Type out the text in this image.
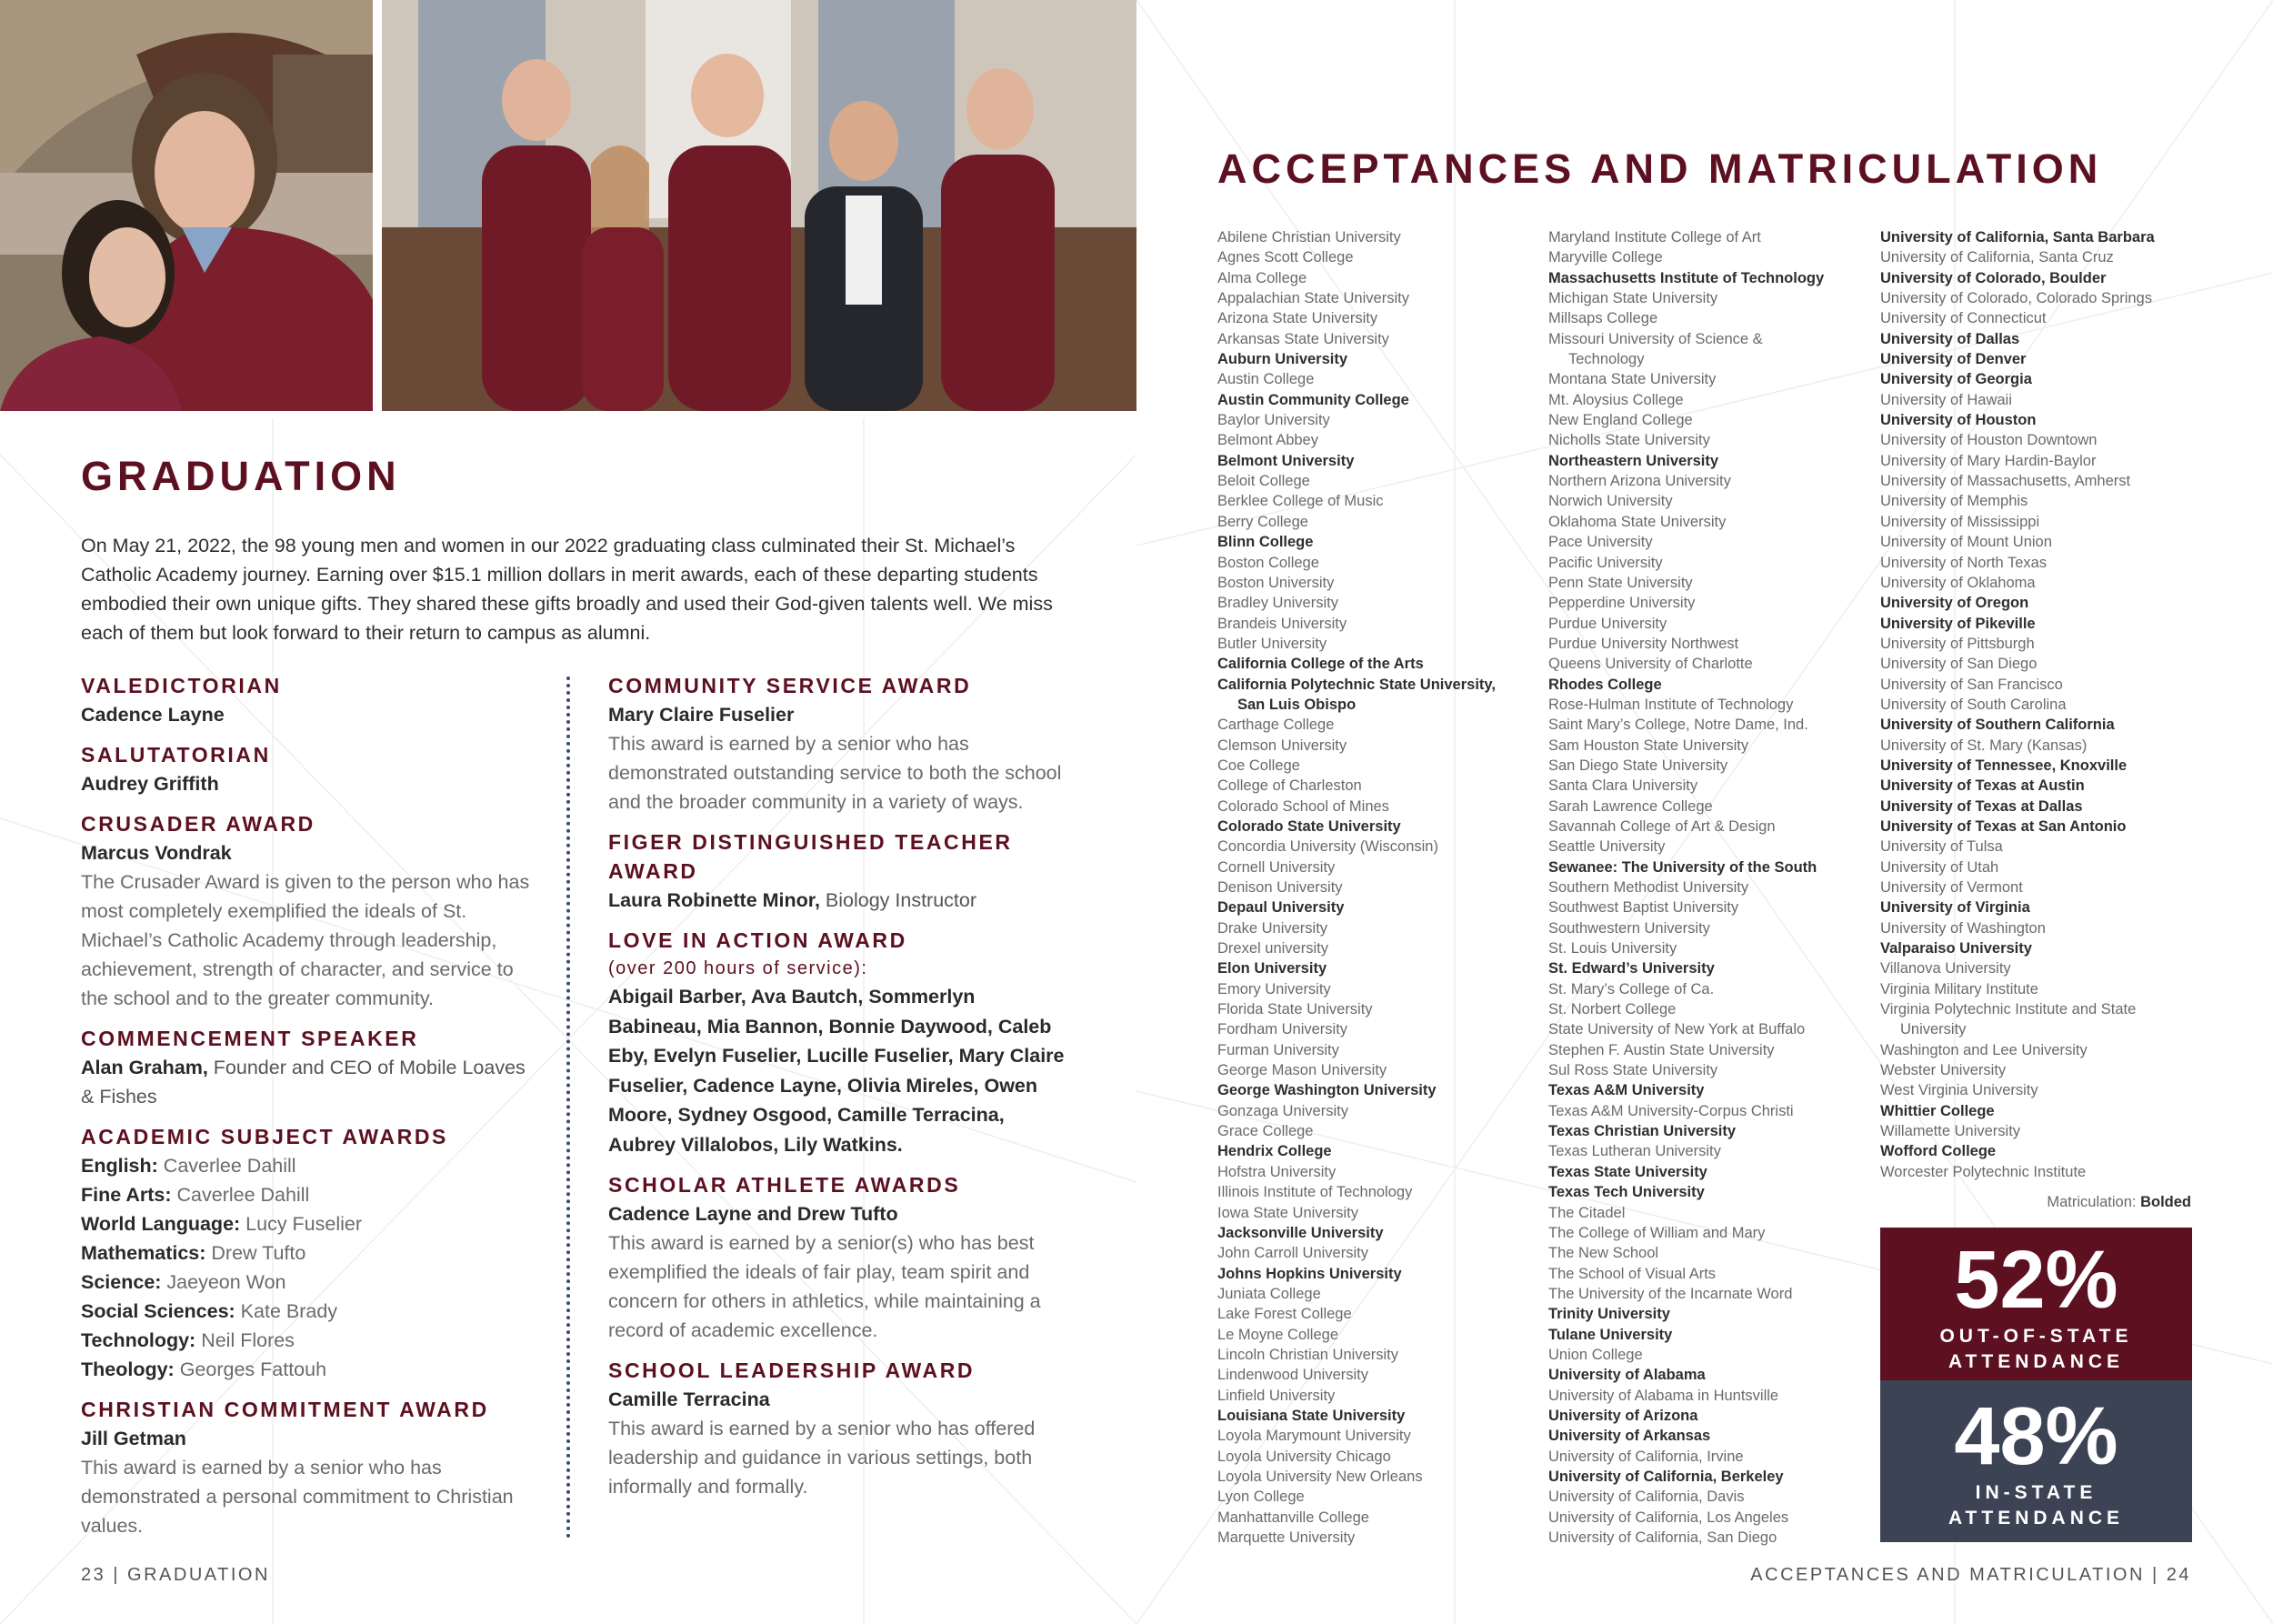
GRADUATION
On May 21, 2022, the 98 young men and women in our 2022 graduating class culminated their St. Michael’s Catholic Academy journey. Earning over $15.1 million dollars in merit awards, each of these departing students embodied their own unique gifts. They shared these gifts broadly and used their God-given talents well. We miss each of them but look forward to their return to campus as alumni.
VALEDICTORIAN
Cadence Layne
SALUTATORIAN
Audrey Griffith
CRUSADER AWARD
Marcus Vondrak
The Crusader Award is given to the person who has most completely exemplified the ideals of St. Michael’s Catholic Academy through leadership, achievement, strength of character, and service to the school and to the greater community.
COMMENCEMENT SPEAKER
Alan Graham, Founder and CEO of Mobile Loaves & Fishes
ACADEMIC SUBJECT AWARDS
English: Caverlee Dahill
Fine Arts: Caverlee Dahill
World Language: Lucy Fuselier
Mathematics: Drew Tufto
Science: Jaeyeon Won
Social Sciences: Kate Brady
Technology: Neil Flores
Theology: Georges Fattouh
CHRISTIAN COMMITMENT AWARD
Jill Getman
This award is earned by a senior who has demonstrated a personal commitment to Christian values.
COMMUNITY SERVICE AWARD
Mary Claire Fuselier
This award is earned by a senior who has demonstrated outstanding service to both the school and the broader community in a variety of ways.
FIGER DISTINGUISHED TEACHER AWARD
Laura Robinette Minor, Biology Instructor
LOVE IN ACTION AWARD
(over 200 hours of service):
Abigail Barber, Ava Bautch, Sommerlyn Babineau, Mia Bannon, Bonnie Daywood, Caleb Eby, Evelyn Fuselier, Lucille Fuselier, Mary Claire Fuselier, Cadence Layne, Olivia Mireles, Owen Moore, Sydney Osgood, Camille Terracina, Aubrey Villalobos, Lily Watkins.
SCHOLAR ATHLETE AWARDS
Cadence Layne and Drew Tufto
This award is earned by a senior(s) who has best exemplified the ideals of fair play, team spirit and concern for others in athletics, while maintaining a record of academic excellence.
SCHOOL LEADERSHIP AWARD
Camille Terracina
This award is earned by a senior who has offered leadership and guidance in various settings, both informally and formally.
23 | GRADUATION
ACCEPTANCES AND MATRICULATION
Abilene Christian University
Agnes Scott College
Alma College
Appalachian State University
Arizona State University
Arkansas State University
Auburn University
Austin College
Austin Community College
Baylor University
Belmont Abbey
Belmont University
Beloit College
Berklee College of Music
Berry College
Blinn College
Boston College
Boston University
Bradley University
Brandeis University
Butler University
California College of the Arts
California Polytechnic State University,
San Luis Obispo
Carthage College
Clemson University
Coe College
College of Charleston
Colorado School of Mines
Colorado State University
Concordia University (Wisconsin)
Cornell University
Denison University
Depaul University
Drake University
Drexel university
Elon University
Emory University
Florida State University
Fordham University
Furman University
George Mason University
George Washington University
Gonzaga University
Grace College
Hendrix College
Hofstra University
Illinois Institute of Technology
Iowa State University
Jacksonville University
John Carroll University
Johns Hopkins University
Juniata College
Lake Forest College
Le Moyne College
Lincoln Christian University
Lindenwood University
Linfield University
Louisiana State University
Loyola Marymount University
Loyola University Chicago
Loyola University New Orleans
Lyon College
Manhattanville College
Marquette University
Maryland Institute College of Art
Maryville College
Massachusetts Institute of Technology
Michigan State University
Millsaps College
Missouri University of Science &
Technology
Montana State University
Mt. Aloysius College
New England College
Nicholls State University
Northeastern University
Northern Arizona University
Norwich University
Oklahoma State University
Pace University
Pacific University
Penn State University
Pepperdine University
Purdue University
Purdue University Northwest
Queens University of Charlotte
Rhodes College
Rose-Hulman Institute of Technology
Saint Mary’s College, Notre Dame, Ind.
Sam Houston State University
San Diego State University
Santa Clara University
Sarah Lawrence College
Savannah College of Art & Design
Seattle University
Sewanee: The University of the South
Southern Methodist University
Southwest Baptist University
Southwestern University
St. Louis University
St. Edward’s University
St. Mary’s College of Ca.
St. Norbert College
State University of New York at Buffalo
Stephen F. Austin State University
Sul Ross State University
Texas A&M University
Texas A&M University-Corpus Christi
Texas Christian University
Texas Lutheran University
Texas State University
Texas Tech University
The Citadel
The College of William and Mary
The New School
The School of Visual Arts
The University of the Incarnate Word
Trinity University
Tulane University
Union College
University of Alabama
University of Alabama in Huntsville
University of Arizona
University of Arkansas
University of California, Irvine
University of California, Berkeley
University of California, Davis
University of California, Los Angeles
University of California, San Diego
University of California, Santa Barbara
University of California, Santa Cruz
University of Colorado, Boulder
University of Colorado, Colorado Springs
University of Connecticut
University of Dallas
University of Denver
University of Georgia
University of Hawaii
University of Houston
University of Houston Downtown
University of Mary Hardin-Baylor
University of Massachusetts, Amherst
University of Memphis
University of Mississippi
University of Mount Union
University of North Texas
University of Oklahoma
University of Oregon
University of Pikeville
University of Pittsburgh
University of San Diego
University of San Francisco
University of South Carolina
University of Southern California
University of St. Mary (Kansas)
University of Tennessee, Knoxville
University of Texas at Austin
University of Texas at Dallas
University of Texas at San Antonio
University of Tulsa
University of Utah
University of Vermont
University of Virginia
University of Washington
Valparaiso University
Villanova University
Virginia Military Institute
Virginia Polytechnic Institute and State
University
Washington and Lee University
Webster University
West Virginia University
Whittier College
Willamette University
Wofford College
Worcester Polytechnic Institute
Matriculation: Bolded
52%
OUT-OF-STATE
ATTENDANCE
48%
IN-STATE
ATTENDANCE
ACCEPTANCES AND MATRICULATION | 24
